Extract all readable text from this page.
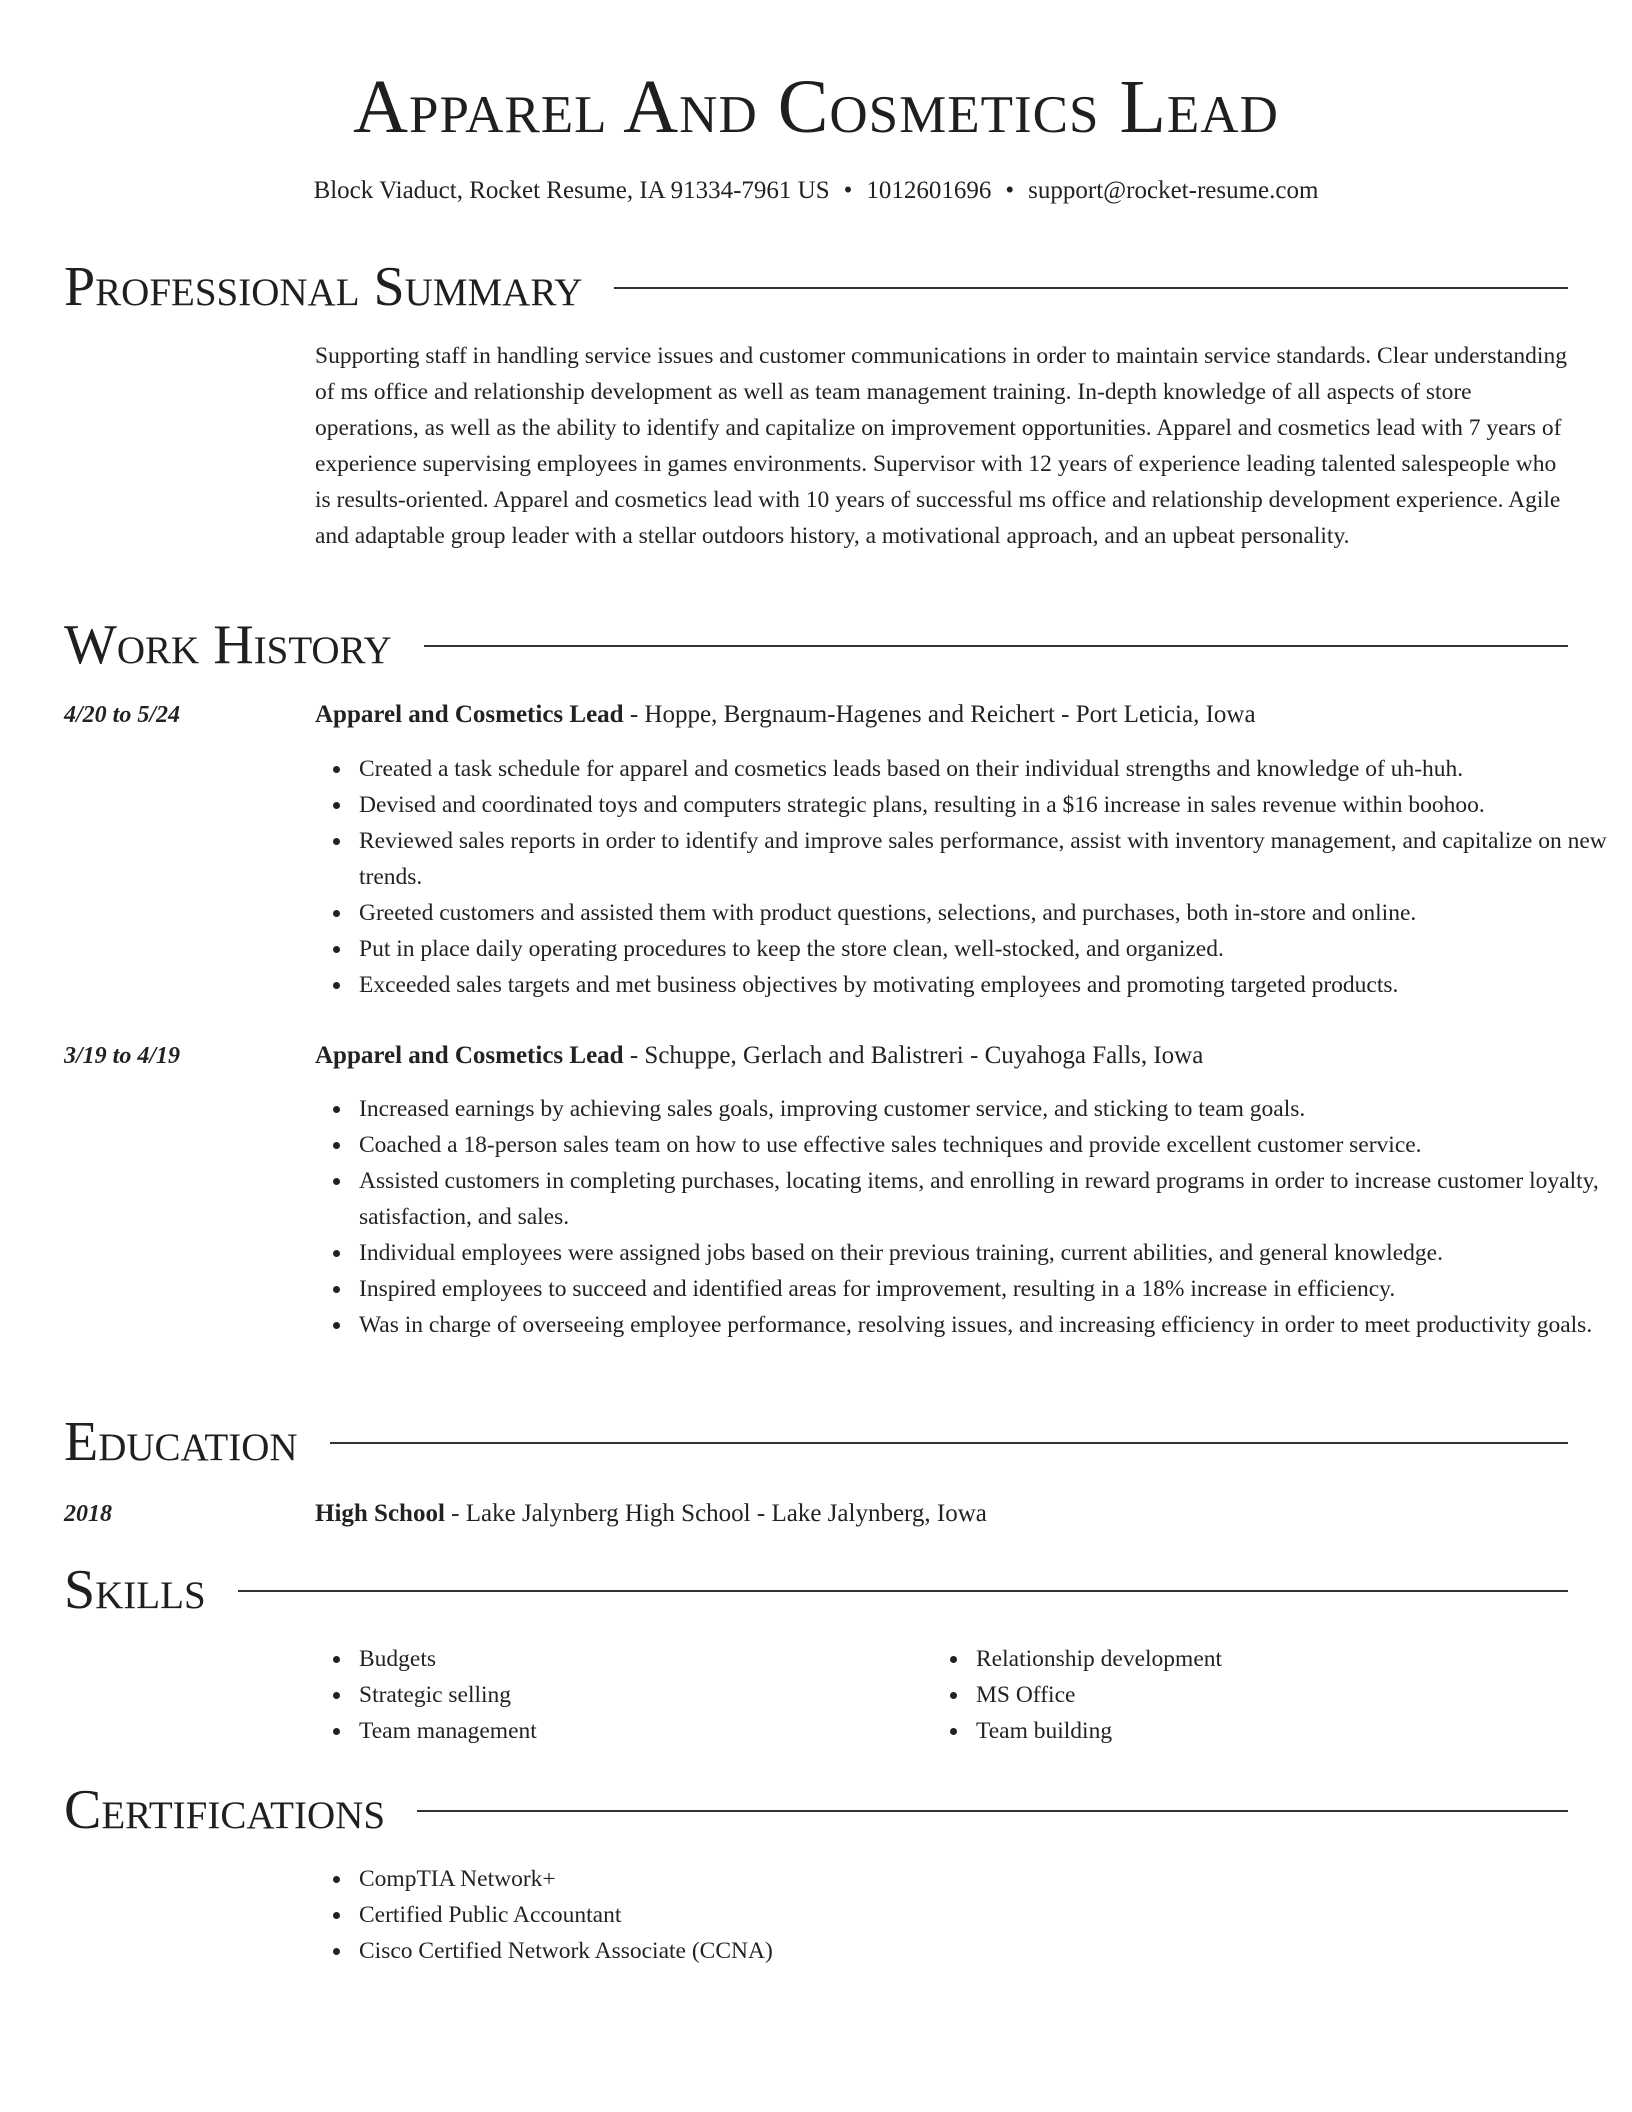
Apparel And Cosmetics Lead
Block Viaduct, Rocket Resume, IA 91334-7961 US • 1012601696 • support@rocket-resume.com
Professional Summary
Supporting staff in handling service issues and customer communications in order to maintain service standards. Clear understanding of ms office and relationship development as well as team management training. In-depth knowledge of all aspects of store operations, as well as the ability to identify and capitalize on improvement opportunities. Apparel and cosmetics lead with 7 years of experience supervising employees in games environments. Supervisor with 12 years of experience leading talented salespeople who is results-oriented. Apparel and cosmetics lead with 10 years of successful ms office and relationship development experience. Agile and adaptable group leader with a stellar outdoors history, a motivational approach, and an upbeat personality.
Work History
4/20 to 5/24	Apparel and Cosmetics Lead - Hoppe, Bergnaum-Hagenes and Reichert - Port Leticia, Iowa
Created a task schedule for apparel and cosmetics leads based on their individual strengths and knowledge of uh-huh.
Devised and coordinated toys and computers strategic plans, resulting in a $16 increase in sales revenue within boohoo.
Reviewed sales reports in order to identify and improve sales performance, assist with inventory management, and capitalize on new trends.
Greeted customers and assisted them with product questions, selections, and purchases, both in-store and online.
Put in place daily operating procedures to keep the store clean, well-stocked, and organized.
Exceeded sales targets and met business objectives by motivating employees and promoting targeted products.
3/19 to 4/19	Apparel and Cosmetics Lead - Schuppe, Gerlach and Balistreri - Cuyahoga Falls, Iowa
Increased earnings by achieving sales goals, improving customer service, and sticking to team goals.
Coached a 18-person sales team on how to use effective sales techniques and provide excellent customer service.
Assisted customers in completing purchases, locating items, and enrolling in reward programs in order to increase customer loyalty, satisfaction, and sales.
Individual employees were assigned jobs based on their previous training, current abilities, and general knowledge.
Inspired employees to succeed and identified areas for improvement, resulting in a 18% increase in efficiency.
Was in charge of overseeing employee performance, resolving issues, and increasing efficiency in order to meet productivity goals.
Education
2018	High School - Lake Jalynberg High School - Lake Jalynberg, Iowa
Skills
Budgets
Strategic selling
Team management
Relationship development
MS Office
Team building
Certifications
CompTIA Network+
Certified Public Accountant
Cisco Certified Network Associate (CCNA)
